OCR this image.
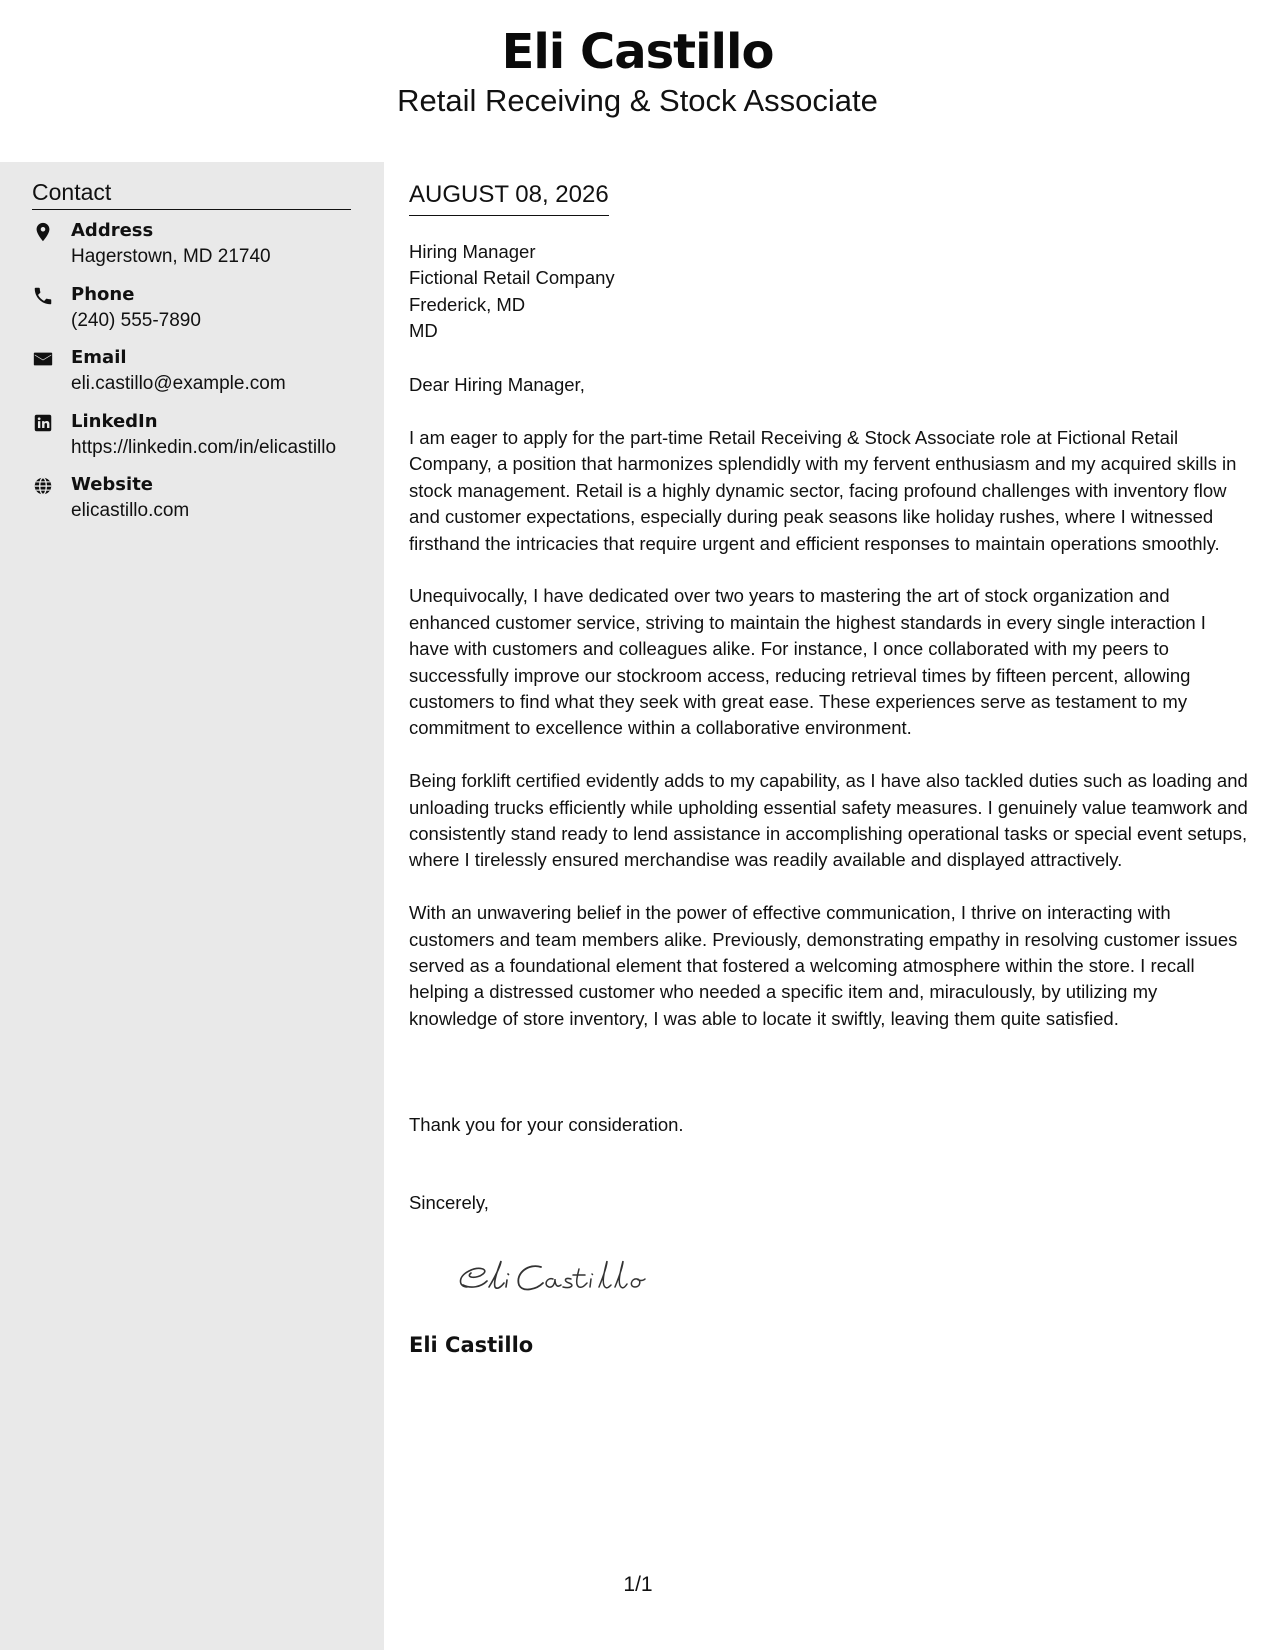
Eli Castillo
Retail Receiving & Stock Associate
Contact
Address
Hagerstown, MD 21740
Phone
(240) 555-7890
Email
eli.castillo@example.com
LinkedIn
https://linkedin.com/in/elicastillo
Website
elicastillo.com
AUGUST 08, 2026
Hiring Manager
Fictional Retail Company
Frederick, MD
MD
Dear Hiring Manager,

I am eager to apply for the part-time Retail Receiving & Stock Associate role at Fictional Retail Company, a position that harmonizes splendidly with my fervent enthusiasm and my acquired skills in stock management. Retail is a highly dynamic sector, facing profound challenges with inventory flow and customer expectations, especially during peak seasons like holiday rushes, where I witnessed firsthand the intricacies that require urgent and efficient responses to maintain operations smoothly.

Unequivocally, I have dedicated over two years to mastering the art of stock organization and enhanced customer service, striving to maintain the highest standards in every single interaction I have with customers and colleagues alike. For instance, I once collaborated with my peers to successfully improve our stockroom access, reducing retrieval times by fifteen percent, allowing customers to find what they seek with great ease. These experiences serve as testament to my commitment to excellence within a collaborative environment.

Being forklift certified evidently adds to my capability, as I have also tackled duties such as loading and unloading trucks efficiently while upholding essential safety measures. I genuinely value teamwork and consistently stand ready to lend assistance in accomplishing operational tasks or special event setups, where I tirelessly ensured merchandise was readily available and displayed attractively.

With an unwavering belief in the power of effective communication, I thrive on interacting with customers and team members alike. Previously, demonstrating empathy in resolving customer issues served as a foundational element that fostered a welcoming atmosphere within the store. I recall helping a distressed customer who needed a specific item and, miraculously, by utilizing my knowledge of store inventory, I was able to locate it swiftly, leaving them quite satisfied.

Thank you for your consideration.
Sincerely,
Eli Castillo
1/1
